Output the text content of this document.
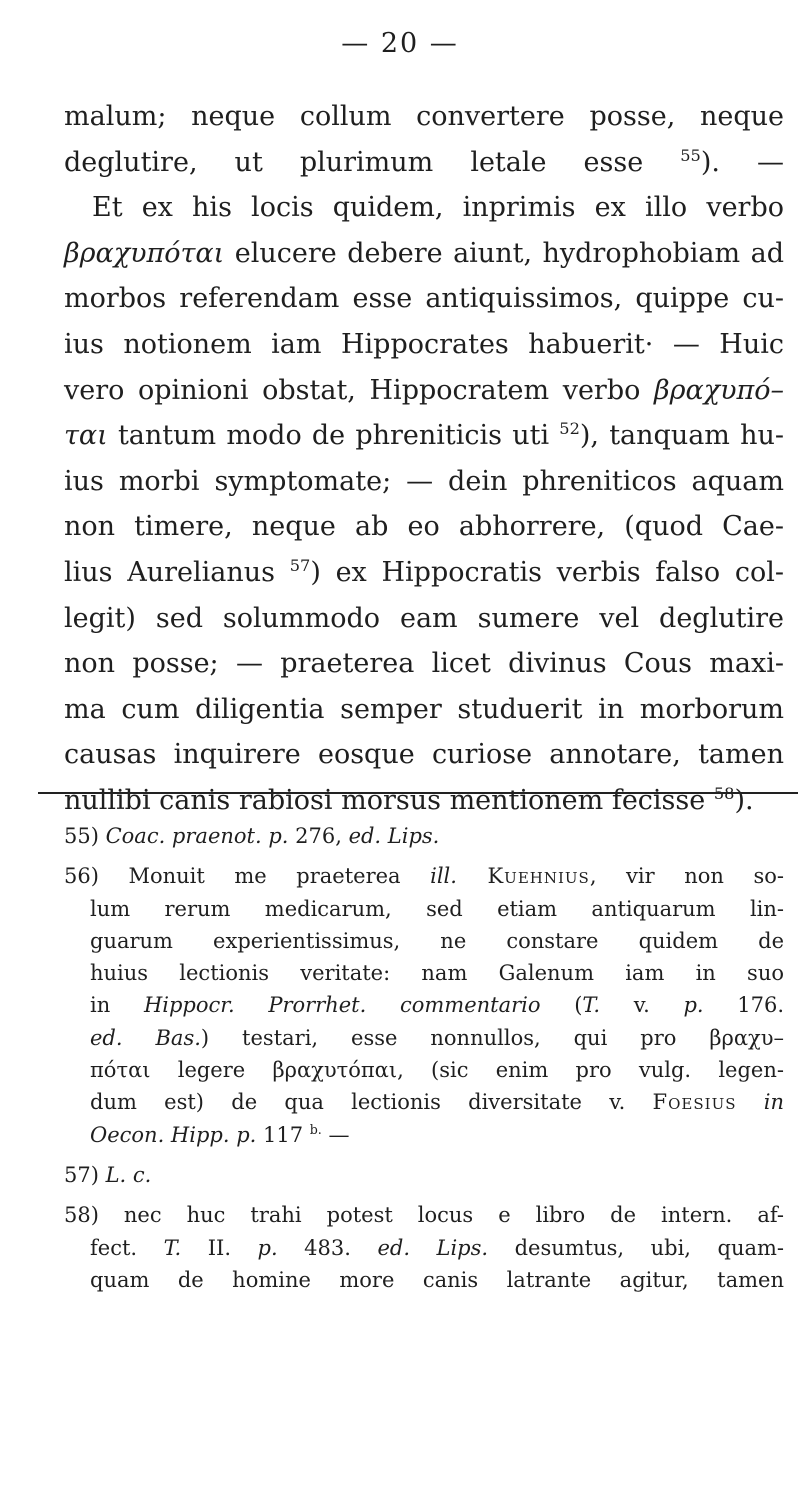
— 20 —
malum; neque collum convertere posse, neque
deglutire, ut plurimum letale esse $^{55}$). —
Et ex his locis quidem, inprimis ex illo verbo
βραχυπόται elucere debere aiunt, hydrophobiam ad
morbos referendam esse antiquissimos, quippe cu-
ius notionem iam Hippocrates habuerit· — Huic
vero opinioni obstat, Hippocratem verbo βραχυπό–
ται tantum modo de phreniticis uti $^{52}$), tanquam hu-
ius morbi symptomate; — dein phreniticos aquam
non timere, neque ab eo abhorrere, (quod Cae-
lius Aurelianus $^{57}$) ex Hippocratis verbis falso col-
legit) sed solummodo eam sumere vel deglutire
non posse; — praeterea licet divinus Cous maxi-
ma cum diligentia semper studuerit in morborum
causas inquirere eosque curiose annotare, tamen
nullibi canis rabiosi morsus mentionem fecisse $^{58}$).
55) Coac. praenot. p. 276, ed. Lips.
56) Monuit me praeterea ill. Kuehnius, vir non so-
lum rerum medicarum, sed etiam antiquarum lin-
guarum experientissimus, ne constare quidem de
huius lectionis veritate: nam Galenum iam in suo
in Hippocr. Prorrhet. commentario (T. v. p. 176.
ed. Bas.) testari, esse nonnullos, qui pro βραχυ–
πόται legere βραχυτόπαι, (sic enim pro vulg. legen-
dum est) de qua lectionis diversitate v. Foesius in
Oecon. Hipp. p. 117 $^{b.}$ —
57) L. c.
58) nec huc trahi potest locus e libro de intern. af-
fect. T. II. p. 483. ed. Lips. desumtus, ubi, quam-
quam de homine more canis latrante agitur, tamen
